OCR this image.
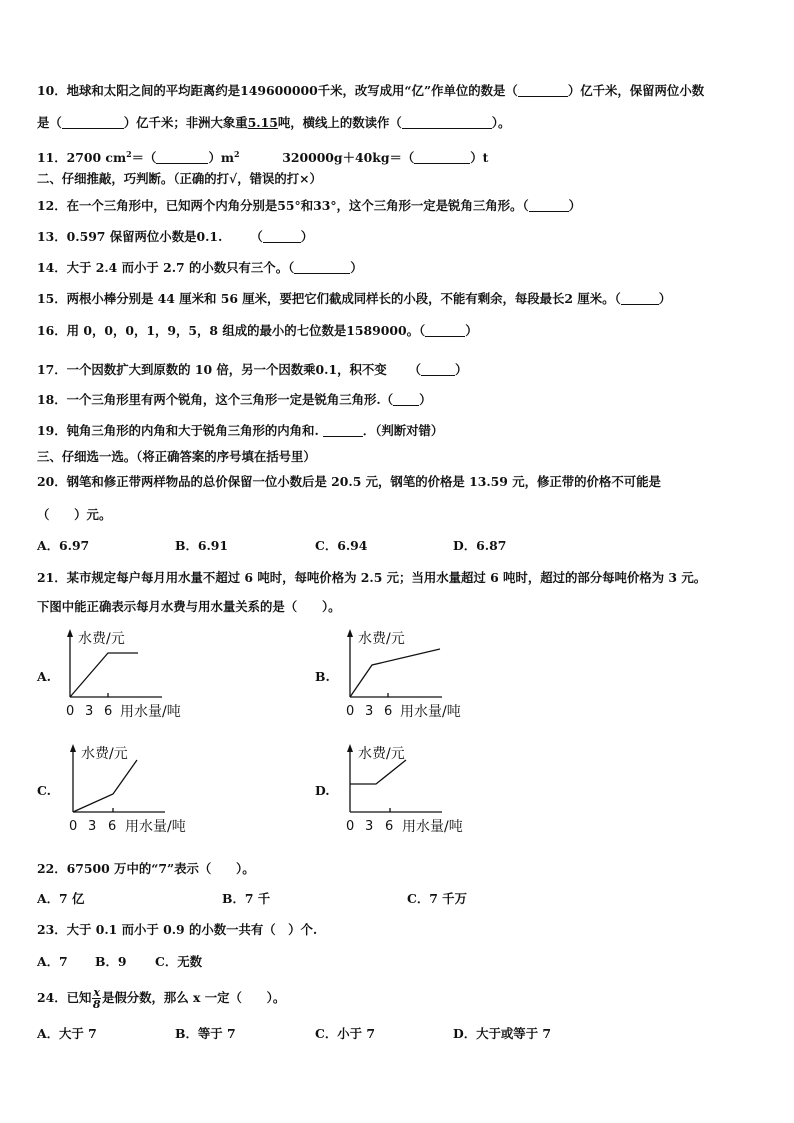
10．地球和太阳之间的平均距离约是149600000千米，改写成用“亿”作单位的数是（	）亿千米，保留两位小数
是（	）亿千米；非洲大象重5.15吨，横线上的数读作（	）。
11．2700 $cm^2=$（	）$m^2$	320000g＋40kg＝（	）t
二、仔细推敲，巧判断。（正确的打√，错误的打×）
12．在一个三角形中，已知两个内角分别是55°和33°，这个三角形一定是锐角三角形。（	）
13．0.597 保留两位小数是0.1. （	）
14．大于 2.4 而小于 2.7 的小数只有三个。（	）
15．两根小棒分别是 44 厘米和 56 厘米，要把它们截成同样长的小段，不能有剩余，每段最长2 厘米。（	）
16．用 0，0，0，1，9，5，8 组成的最小的七位数是1589000。（	）
17．一个因数扩大到原数的 10 倍，另一个因数乘0.1，积不变 （	）
18．一个三角形里有两个锐角，这个三角形一定是锐角三角形.（ ）
19．钝角三角形的内角和大于锐角三角形的内角和.	．（判断对错）
三、仔细选一选。（将正确答案的序号填在括号里）
20．钢笔和修正带两样物品的总价保留一位小数后是 20.5 元，钢笔的价格是 13.59 元，修正带的价格不可能是
（　　）元。
A．6.97	B．6.91	C．6.94	D．6.87
21．某市规定每户每月用水量不超过 6 吨时，每吨价格为 2.5 元；当用水量超过 6 吨时，超过的部分每吨价格为 3 元。
下图中能正确表示每月水费与用水量关系的是（　　）。
A.
水费/元
0 3 6 用水量/吨
B.
水费/元
0 3 6 用水量/吨
C.
水费/元
0 3 6 用水量/吨
D.
水费/元
0 3 6 用水量/吨
22．67500 万中的“7”表示（　　）。
A．7 亿	B．7 千	C．7 千万
23．大于 0.1 而小于 0.9 的小数一共有（　）个.
A．7 B．9 C．无数
24．已知 $\frac{x}{8}$ 是假分数，那么 x 一定（　　）。
A．大于 7	B．等于 7	C．小于 7	D．大于或等于 7
